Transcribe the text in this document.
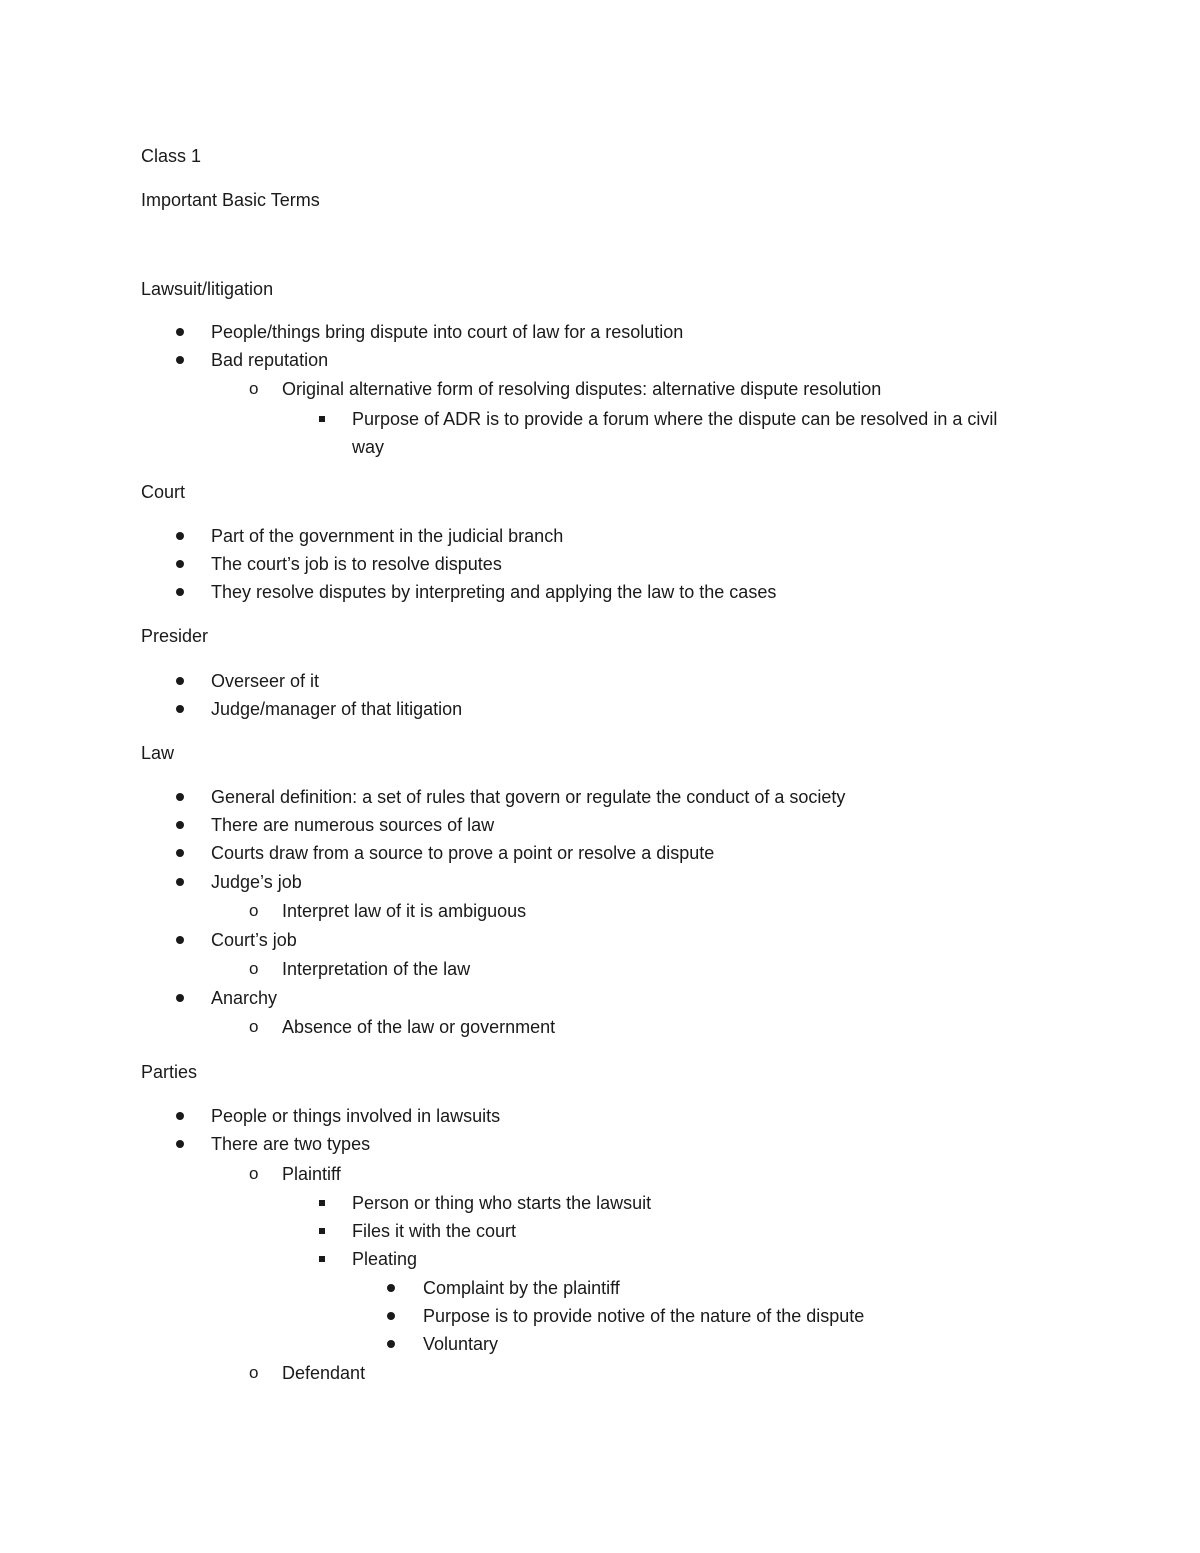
Class 1
Important Basic Terms
Lawsuit/litigation
People/things bring dispute into court of law for a resolution
Bad reputation
o Original alternative form of resolving disputes: alternative dispute resolution
Purpose of ADR is to provide a forum where the dispute can be resolved in a civil
way
Court
Part of the government in the judicial branch
The court’s job is to resolve disputes
They resolve disputes by interpreting and applying the law to the cases
Presider
Overseer of it
Judge/manager of that litigation
Law
General definition: a set of rules that govern or regulate the conduct of a society
There are numerous sources of law
Courts draw from a source to prove a point or resolve a dispute
Judge’s job
o Interpret law of it is ambiguous
Court’s job
o Interpretation of the law
Anarchy
o Absence of the law or government
Parties
People or things involved in lawsuits
There are two types
o Plaintiff
Person or thing who starts the lawsuit
Files it with the court
Pleating
Complaint by the plaintiff
Purpose is to provide notive of the nature of the dispute
Voluntary
o Defendant
